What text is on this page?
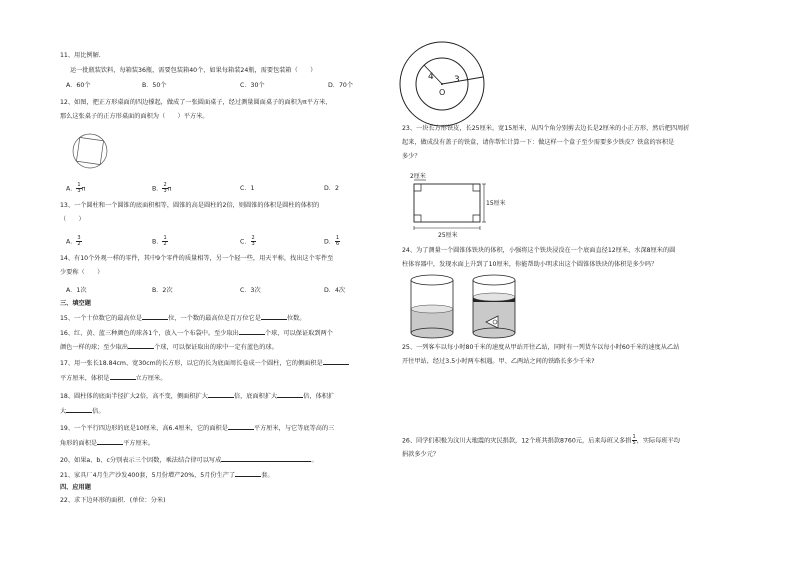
11、用比例解.
运一批瓶装饮料，每箱装36瓶，需要包装箱40个，如果每箱装24瓶，需要包装箱（　　）
A．60个	B．50个	C．30个	D．70个
12、如图，把正方形桌面的四边撑起，做成了一张圆面桌子，经过测量圆面桌子的面积为π平方米，
那么这张桌子的正方形桌面的面积为（　　）平方米。
A． $\frac{1}{3}$ π	B． $\frac{2}{3}$ π	C．1	D．2
13、一个圆柱和一个圆锥的底面积相等，圆锥的高是圆柱的2倍，则圆锥的体积是圆柱的体积的
（　　）
A． $\frac{3}{2}$	B． $\frac{1}{2}$	C． $\frac{2}{3}$	D． $\frac{1}{6}$
14、有10个外观一样的零件，其中9个零件的质量相等，另一个轻一些，用天平称，找出这个零件至
少要称（　　）
A．1次	B．2次	C．3次	D．4次
三、填空题
15、一个十位数它的最高位是	位，一个数的最高位是百万位它是	位数。
16、红、黄、蓝三种颜色的球各1个，放入一个布袋中。至少取出	个球，可以保证取到两个
颜色一样的球；至少取出	个球，可以保证取出的球中一定有蓝色的球。
17、用一张长18.84cm、宽30cm的长方形，以它的长为底面周长卷成一个圆柱，它的侧面积是
平方厘米，体积是	立方厘米。
18、圆柱体的底面半径扩大2倍，高不变，侧面积扩大	倍，底面积扩大	倍，体积扩
大	倍。
19、一个平行四边形的底是10厘米，高6.4厘米，它的面积是	平方厘米，与它等底等高的三
角形的面积是	平方厘米。
20、如果a、b、c分别表示三个因数，乘法结合律可以写成	。
21、家具厂4月生产沙发400套，5月份增产20%，5月份生产了	套。
四、应用题
22、求下边环形的面积．(单位：分米)
4 3
O
23、一块长方形铁皮，长25厘米，宽15厘米，从四个角分别剪去边长是2厘米的小正方形，然后把四周折
起来，做成没有盖子的铁盒，请你帮忙计算一下：做这样一个盒子至少需要多少铁皮？铁盒的容积是
多少？
2厘米
15厘米
25厘米
24、为了测量一个圆锥体铁块的体积，小强将这个铁块浸没在一个底面直径12厘米，水深8厘米的圆
柱体容器中，发现水面上升到了10厘米，你能帮助小明求出这个圆锥体铁块的体积是多少吗？
25、一列客车以每小时80千米的速度从甲站开往乙站，同时有一列货车以每小时60千米的速度从乙站
开往甲站，经过3.5小时两车相遇。甲、乙两站之间的铁路长多少千米?
26、同学们积极为汶川大地震的灾民捐款，12个班共捐款8760元，后来每班又多捐 $\frac{1}{5}$ ，实际每班平均
捐款多少元？
